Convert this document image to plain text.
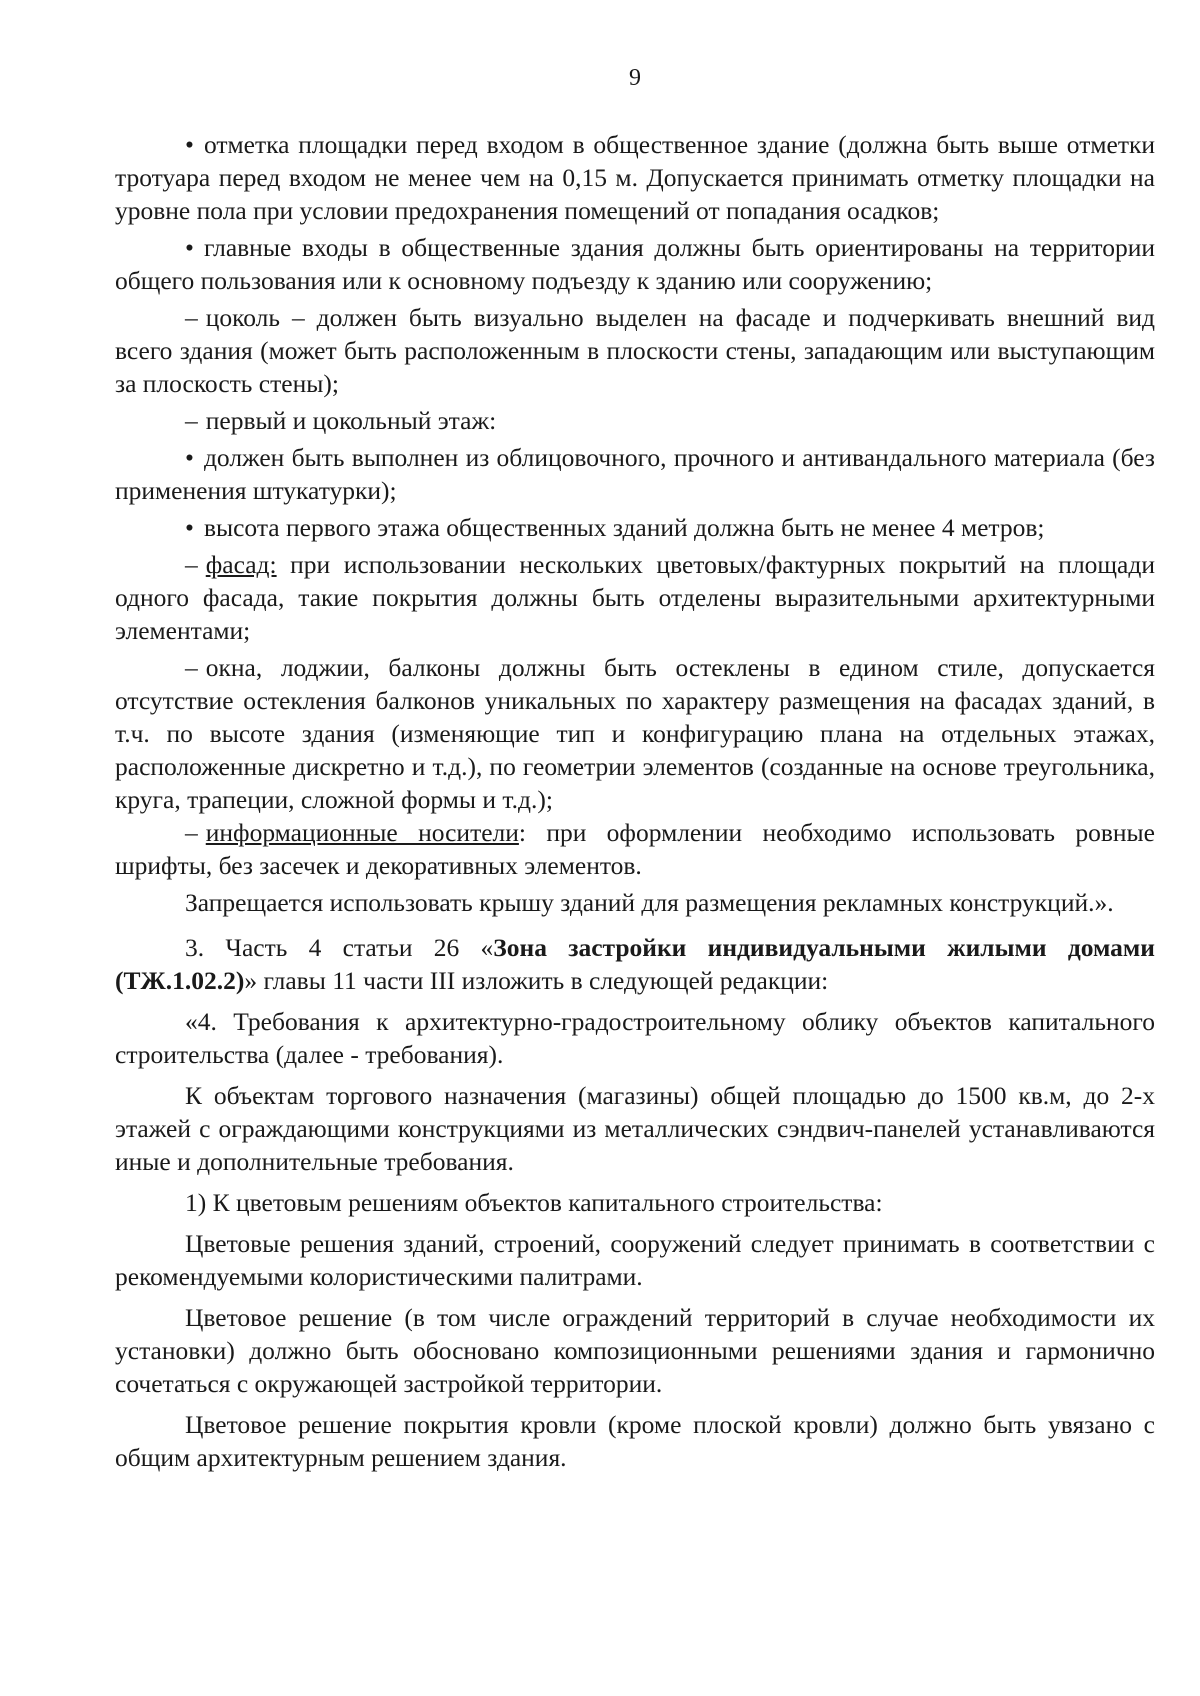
9

• отметка площадки перед входом в общественное здание (должна быть выше отметки тротуара перед входом не менее чем на 0,15 м. Допускается принимать отметку площадки на уровне пола при условии предохранения помещений от попадания осадков;

• главные входы в общественные здания должны быть ориентированы на территории общего пользования или к основному подъезду к зданию или сооружению;

– цоколь – должен быть визуально выделен на фасаде и подчеркивать внешний вид всего здания (может быть расположенным в плоскости стены, западающим или выступающим за плоскость стены);

– первый и цокольный этаж:

• должен быть выполнен из облицовочного, прочного и антивандального материала (без применения штукатурки);

• высота первого этажа общественных зданий должна быть не менее 4 метров;

– фасад: при использовании нескольких цветовых/фактурных покрытий на площади одного фасада, такие покрытия должны быть отделены выразительными архитектурными элементами;

– окна, лоджии, балконы должны быть остеклены в едином стиле, допускается отсутствие остекления балконов уникальных по характеру размещения на фасадах зданий, в т.ч. по высоте здания (изменяющие тип и конфигурацию плана на отдельных этажах, расположенные дискретно и т.д.), по геометрии элементов (созданные на основе треугольника, круга, трапеции, сложной формы и т.д.);

– информационные носители: при оформлении необходимо использовать ровные шрифты, без засечек и декоративных элементов.

Запрещается использовать крышу зданий для размещения рекламных конструкций.».

3. Часть 4 статьи 26 «Зона застройки индивидуальными жилыми домами (ТЖ.1.02.2)» главы 11 части III изложить в следующей редакции:

«4. Требования к архитектурно-градостроительному облику объектов капитального строительства (далее - требования).

К объектам торгового назначения (магазины) общей площадью до 1500 кв.м, до 2-х этажей с ограждающими конструкциями из металлических сэндвич-панелей устанавливаются иные и дополнительные требования.

1) К цветовым решениям объектов капитального строительства:

Цветовые решения зданий, строений, сооружений следует принимать в соответствии с рекомендуемыми колористическими палитрами.

Цветовое решение (в том числе ограждений территорий в случае необходимости их установки) должно быть обосновано композиционными решениями здания и гармонично сочетаться с окружающей застройкой территории.

Цветовое решение покрытия кровли (кроме плоской кровли) должно быть увязано с общим архитектурным решением здания.
